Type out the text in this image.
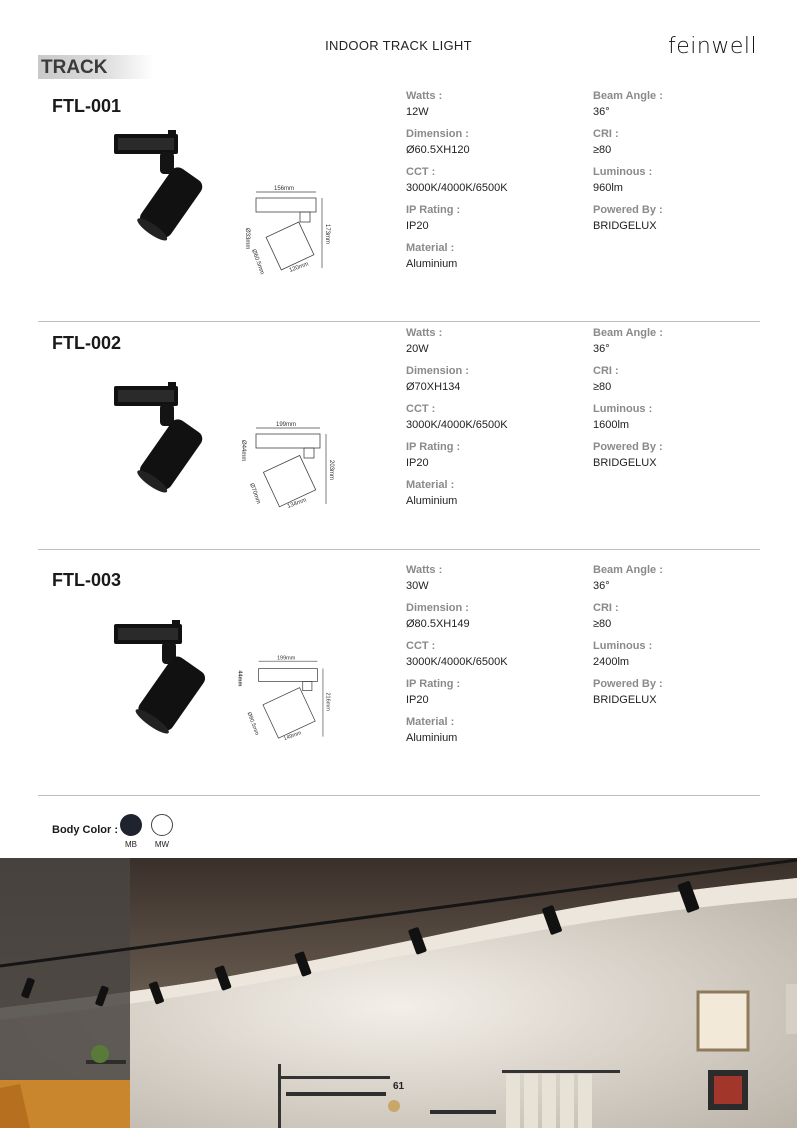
INDOOR TRACK LIGHT	feinwell
TRACK
FTL-001
156mm
Ø33mm
Ø60.5mm	120mm
173mm
Watts :
12W
Dimension :
Ø60.5XH120
CCT :
3000K/4000K/6500K
IP Rating :
IP20
Material :
Aluminium
Beam Angle :
36°
CRI :
≥80
Luminous :
960lm
Powered By :
BRIDGELUX
FTL-002
199mm
Ø44mm
Ø70mm	134mm
203mm
Watts :
20W
Dimension :
Ø70XH134
CCT :
3000K/4000K/6500K
IP Rating :
IP20
Material :
Aluminium
Beam Angle :
36°
CRI :
≥80
Luminous :
1600lm
Powered By :
BRIDGELUX
FTL-003
199mm
44mm
Ø80.5mm
149mm
216mm
Watts :
30W
Dimension :
Ø80.5XH149
CCT :
3000K/4000K/6500K
IP Rating :
IP20
Material :
Aluminium
Beam Angle :
36°
CRI :
≥80
Luminous :
2400lm
Powered By :
BRIDGELUX
Body Color :
MB	MW
61
